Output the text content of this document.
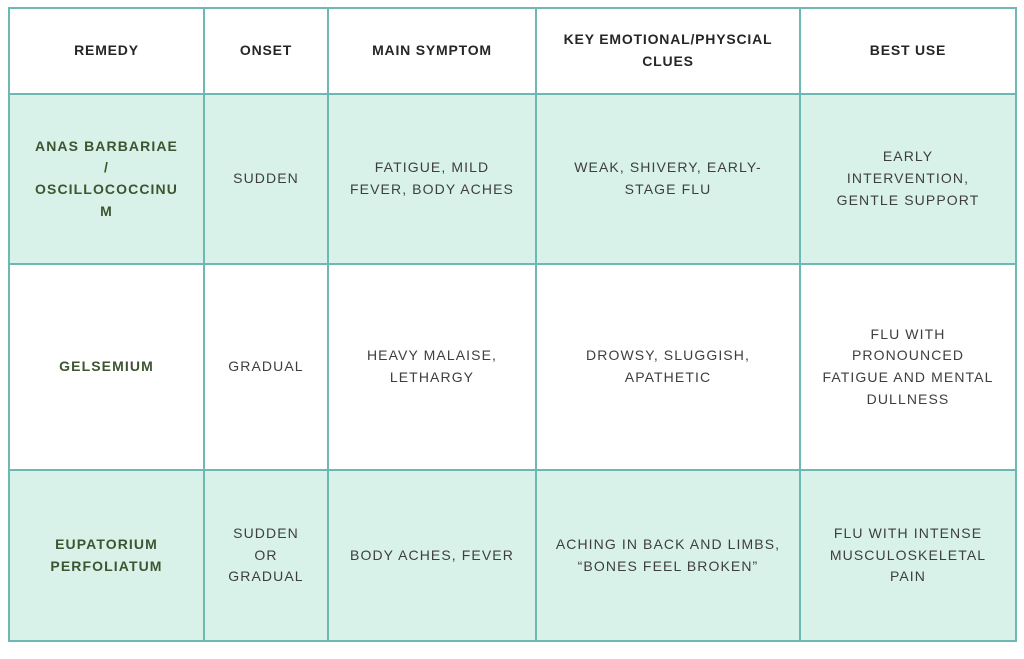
REMEDY	ONSET	MAIN SYMPTOM	KEY EMOTIONAL/PHYSCIAL CLUES	BEST USE
ANAS BARBARIAE / OSCILLOCOCCINUM	SUDDEN	FATIGUE, MILD FEVER, BODY ACHES	WEAK, SHIVERY, EARLY-STAGE FLU	EARLY INTERVENTION, GENTLE SUPPORT
GELSEMIUM	GRADUAL	HEAVY MALAISE, LETHARGY	DROWSY, SLUGGISH, APATHETIC	FLU WITH PRONOUNCED FATIGUE AND MENTAL DULLNESS
EUPATORIUM PERFOLIATUM	SUDDEN OR GRADUAL	BODY ACHES, FEVER	ACHING IN BACK AND LIMBS, “BONES FEEL BROKEN”	FLU WITH INTENSE MUSCULOSKELETAL PAIN
